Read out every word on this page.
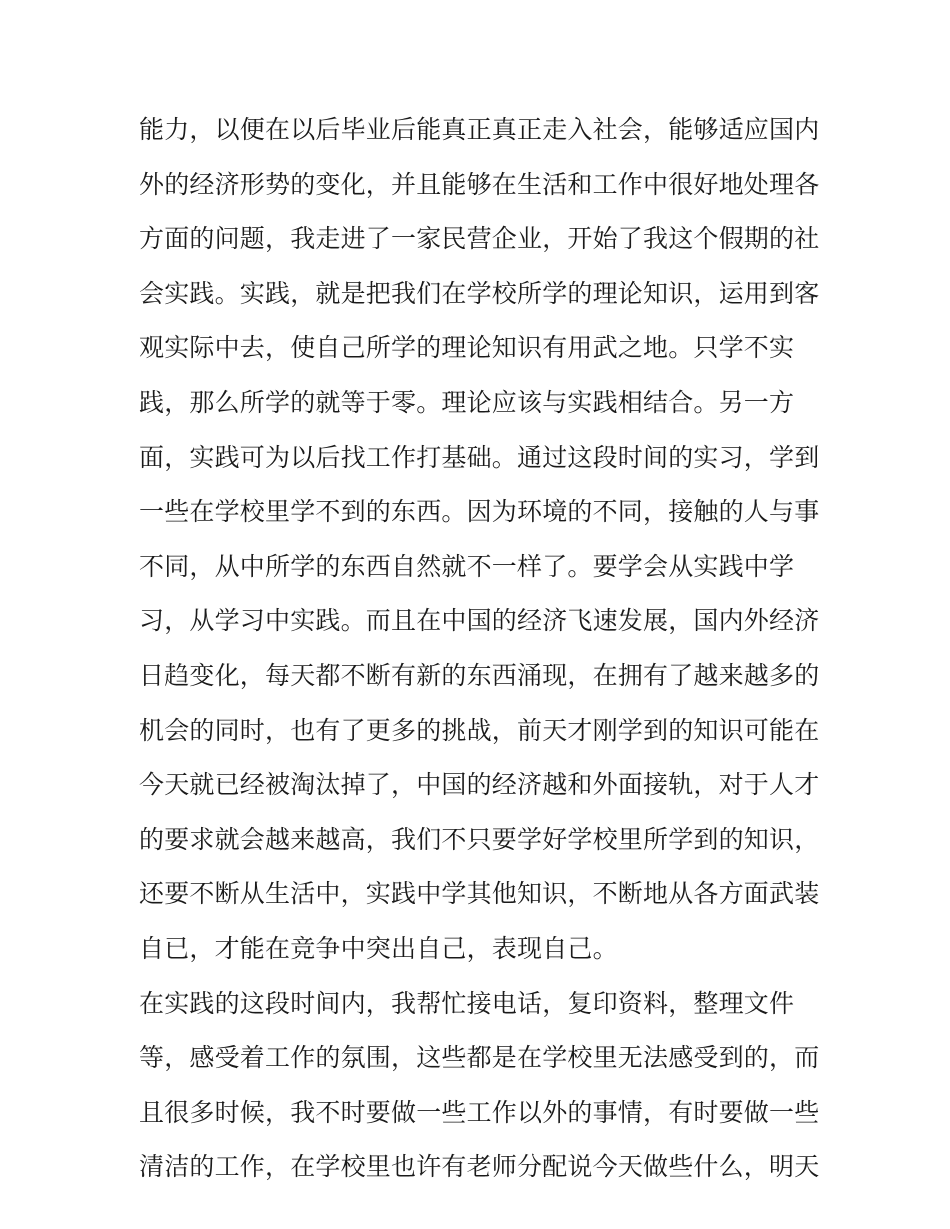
能力，以便在以后毕业后能真正真正走入社会，能够适应国内
外的经济形势的变化，并且能够在生活和工作中很好地处理各
方面的问题，我走进了一家民营企业，开始了我这个假期的社
会实践。实践，就是把我们在学校所学的理论知识，运用到客
观实际中去，使自己所学的理论知识有用武之地。只学不实
践，那么所学的就等于零。理论应该与实践相结合。另一方
面，实践可为以后找工作打基础。通过这段时间的实习，学到
一些在学校里学不到的东西。因为环境的不同，接触的人与事
不同，从中所学的东西自然就不一样了。要学会从实践中学
习，从学习中实践。而且在中国的经济飞速发展，国内外经济
日趋变化，每天都不断有新的东西涌现，在拥有了越来越多的
机会的同时，也有了更多的挑战，前天才刚学到的知识可能在
今天就已经被淘汰掉了，中国的经济越和外面接轨，对于人才
的要求就会越来越高，我们不只要学好学校里所学到的知识，
还要不断从生活中，实践中学其他知识，不断地从各方面武装
自已，才能在竞争中突出自己，表现自己。
在实践的这段时间内，我帮忙接电话，复印资料，整理文件
等，感受着工作的氛围，这些都是在学校里无法感受到的，而
且很多时候，我不时要做一些工作以外的事情，有时要做一些
清洁的工作，在学校里也许有老师分配说今天做些什么，明天
